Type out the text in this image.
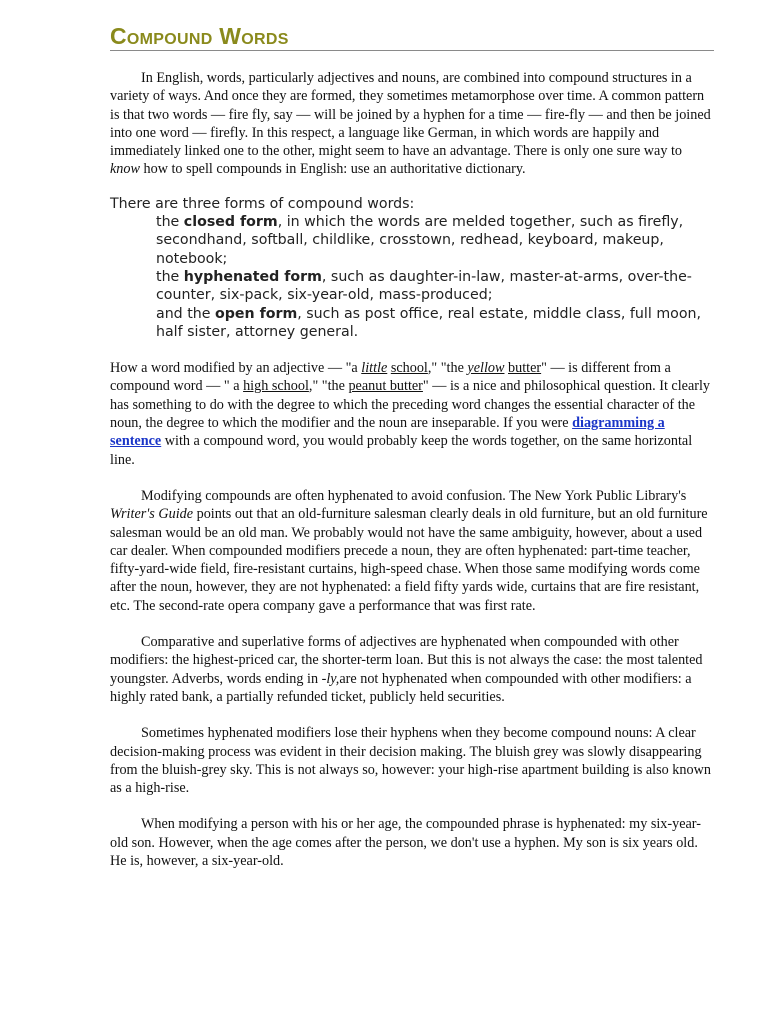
Compound Words

In English, words, particularly adjectives and nouns, are combined into compound structures in a variety of ways. And once they are formed, they sometimes metamorphose over time. A common pattern is that two words — fire fly, say — will be joined by a hyphen for a time — fire-fly — and then be joined into one word — firefly. In this respect, a language like German, in which words are happily and immediately linked one to the other, might seem to have an advantage. There is only one sure way to know how to spell compounds in English: use an authoritative dictionary.

There are three forms of compound words:

the closed form, in which the words are melded together, such as firefly, secondhand, softball, childlike, crosstown, redhead, keyboard, makeup, notebook;

the hyphenated form, such as daughter-in-law, master-at-arms, over-the-counter, six-pack, six-year-old, mass-produced;

and the open form, such as post office, real estate, middle class, full moon, half sister, attorney general.

How a word modified by an adjective — "a little school," "the yellow butter" — is different from a compound word — " a high school," "the peanut butter" — is a nice and philosophical question. It clearly has something to do with the degree to which the preceding word changes the essential character of the noun, the degree to which the modifier and the noun are inseparable. If you were diagramming a sentence with a compound word, you would probably keep the words together, on the same horizontal line.

Modifying compounds are often hyphenated to avoid confusion. The New York Public Library's Writer's Guide points out that an old-furniture salesman clearly deals in old furniture, but an old furniture salesman would be an old man. We probably would not have the same ambiguity, however, about a used car dealer. When compounded modifiers precede a noun, they are often hyphenated: part-time teacher, fifty-yard-wide field, fire-resistant curtains, high-speed chase. When those same modifying words come after the noun, however, they are not hyphenated: a field fifty yards wide, curtains that are fire resistant, etc. The second-rate opera company gave a performance that was first rate.

Comparative and superlative forms of adjectives are hyphenated when compounded with other modifiers: the highest-priced car, the shorter-term loan. But this is not always the case: the most talented youngster. Adverbs, words ending in -ly,are not hyphenated when compounded with other modifiers: a highly rated bank, a partially refunded ticket, publicly held securities.

Sometimes hyphenated modifiers lose their hyphens when they become compound nouns: A clear decision-making process was evident in their decision making. The bluish grey was slowly disappearing from the bluish-grey sky. This is not always so, however: your high-rise apartment building is also known as a high-rise.

When modifying a person with his or her age, the compounded phrase is hyphenated: my six-year-old son. However, when the age comes after the person, we don't use a hyphen. My son is six years old. He is, however, a six-year-old.
